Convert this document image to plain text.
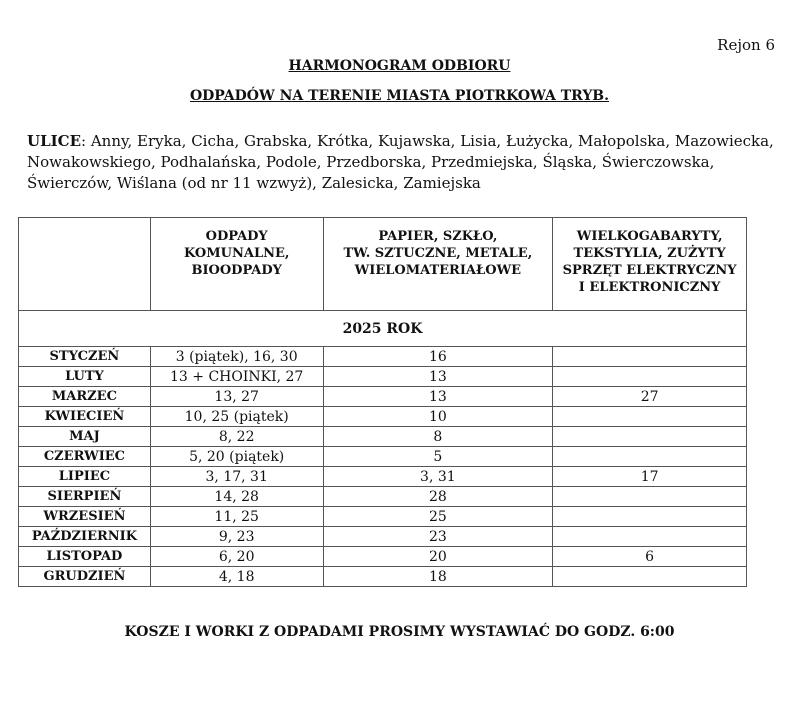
Rejon 6
HARMONOGRAM ODBIORU
ODPADÓW NA TERENIE MIASTA PIOTRKOWA TRYB.
ULICE: Anny, Eryka, Cicha, Grabska, Krótka, Kujawska, Lisia, Łużycka, Małopolska, Mazowiecka, Nowakowskiego, Podhalańska, Podole, Przedborska, Przedmiejska, Śląska, Świerczowska, Świerczów, Wiślana (od nr 11 wzwyż), Zalesicka, Zamiejska
	ODPADY
KOMUNALNE,
BIOODPADY	PAPIER, SZKŁO,
TW. SZTUCZNE, METALE,
WIELOMATERIAŁOWE	WIELKOGABARYTY,
TEKSTYLIA, ZUŻYTY
SPRZĘT ELEKTRYCZNY
I ELEKTRONICZNY
2025 ROK			
STYCZEŃ	3 (piątek), 16, 30	16	
LUTY	13 + CHOINKI, 27	13	
MARZEC	13, 27	13	27
KWIECIEŃ	10, 25 (piątek)	10	
MAJ	8, 22	8	
CZERWIEC	5, 20 (piątek)	5	
LIPIEC	3, 17, 31	3, 31	17
SIERPIEŃ	14, 28	28	
WRZESIEŃ	11, 25	25	
PAŹDZIERNIK	9, 23	23	
LISTOPAD	6, 20	20	6
GRUDZIEŃ	4, 18	18	
KOSZE I WORKI Z ODPADAMI PROSIMY WYSTAWIAĆ DO GODZ. 6:00
